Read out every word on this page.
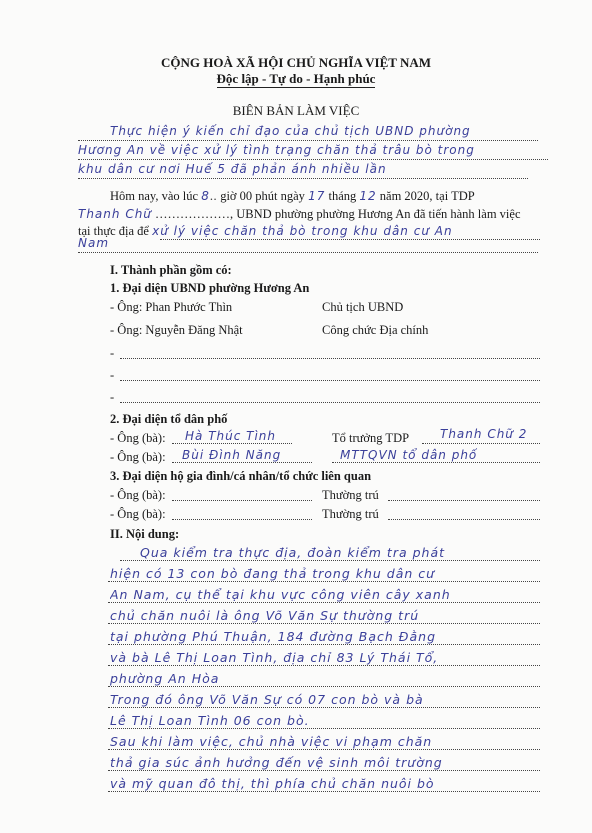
CỘNG HOÀ XÃ HỘI CHỦ NGHĨA VIỆT NAM
Độc lập - Tự do - Hạnh phúc
BIÊN BẢN LÀM VIỆC
Thực hiện ý kiến chỉ đạo của chủ tịch UBND phường
Hương An về việc xử lý tình trạng chăn thả trâu bò trong
khu dân cư nơi Huế 5 đã phản ánh nhiều lần
Hôm nay, vào lúc 8.. giờ 00 phút ngày 17 tháng 12 năm 2020, tại TDP
Thanh Chữ ………………, UBND phường phường Hương An đã tiến hành làm việc
tại thực địa để xử lý việc chăn thả bò trong khu dân cư An
Nam
I. Thành phần gồm có:
1. Đại diện UBND phường Hương An
- Ông: Phan Phước Thìn	Chủ tịch UBND
- Ông: Nguyễn Đăng Nhật	Công chức Địa chính
-
-
-
2. Đại diện tổ dân phố
- Ông (bà): Hà Thúc Tình	Tổ trưởng TDP	Thanh Chữ 2
- Ông (bà): Bùi Đình Năng	MTTQVN tổ dân phố
3. Đại diện hộ gia đình/cá nhân/tổ chức liên quan
- Ông (bà):	Thường trú
- Ông (bà):	Thường trú
II. Nội dung:
Qua kiểm tra thực địa, đoàn kiểm tra phát
hiện có 13 con bò đang thả trong khu dân cư
An Nam, cụ thể tại khu vực công viên cây xanh
chủ chăn nuôi là ông Võ Văn Sự thường trú
tại phường Phú Thuận, 184 đường Bạch Đằng
và bà Lê Thị Loan Tình, địa chỉ 83 Lý Thái Tổ,
phường An Hòa
Trong đó ông Võ Văn Sự có 07 con bò và bà
Lê Thị Loan Tình 06 con bò.
Sau khi làm việc, chủ nhà việc vi phạm chăn
thả gia súc ảnh hưởng đến vệ sinh môi trường
và mỹ quan đô thị, thì phía chủ chăn nuôi bò
